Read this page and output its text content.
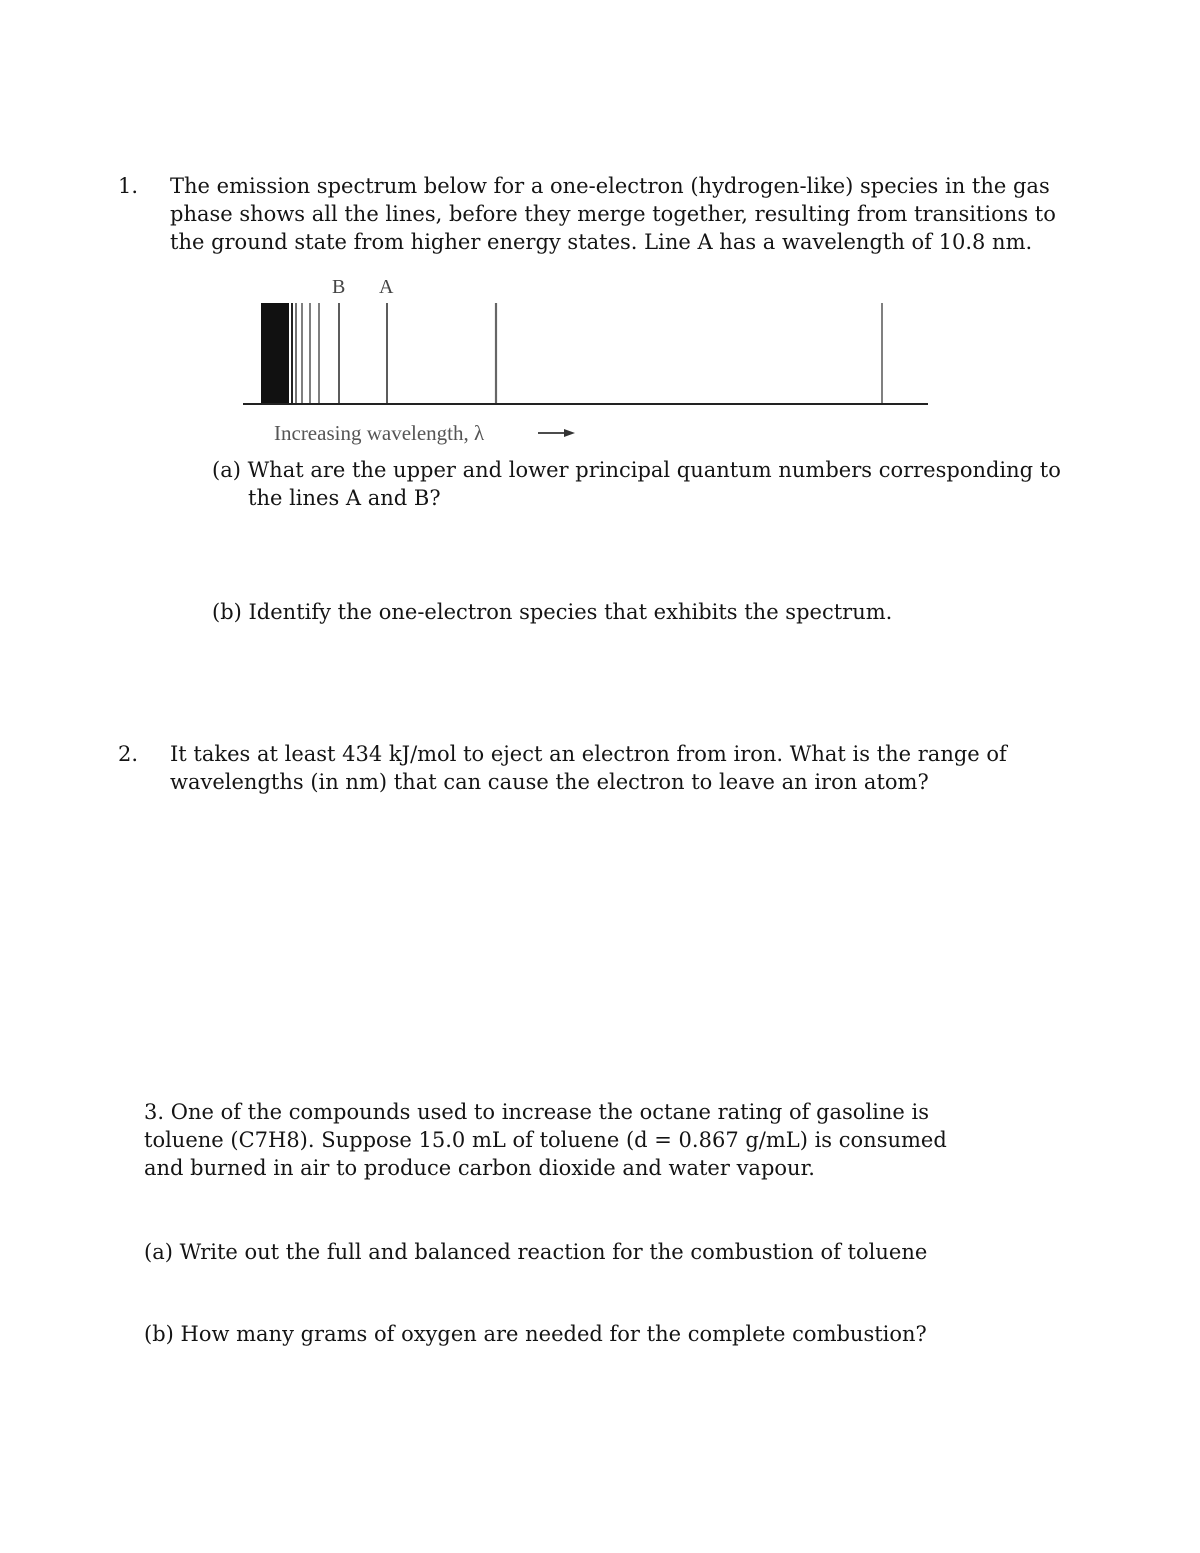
1. The emission spectrum below for a one-electron (hydrogen-like) species in the gas phase shows all the lines, before they merge together, resulting from transitions to the ground state from higher energy states. Line A has a wavelength of 10.8 nm.

B A
Increasing wavelength, λ

(a) What are the upper and lower principal quantum numbers corresponding to the lines A and B?

(b) Identify the one-electron species that exhibits the spectrum.

2. It takes at least 434 kJ/mol to eject an electron from iron. What is the range of wavelengths (in nm) that can cause the electron to leave an iron atom?

3. One of the compounds used to increase the octane rating of gasoline is toluene (C7H8). Suppose 15.0 mL of toluene (d = 0.867 g/mL) is consumed and burned in air to produce carbon dioxide and water vapour.

(a) Write out the full and balanced reaction for the combustion of toluene

(b) How many grams of oxygen are needed for the complete combustion?
